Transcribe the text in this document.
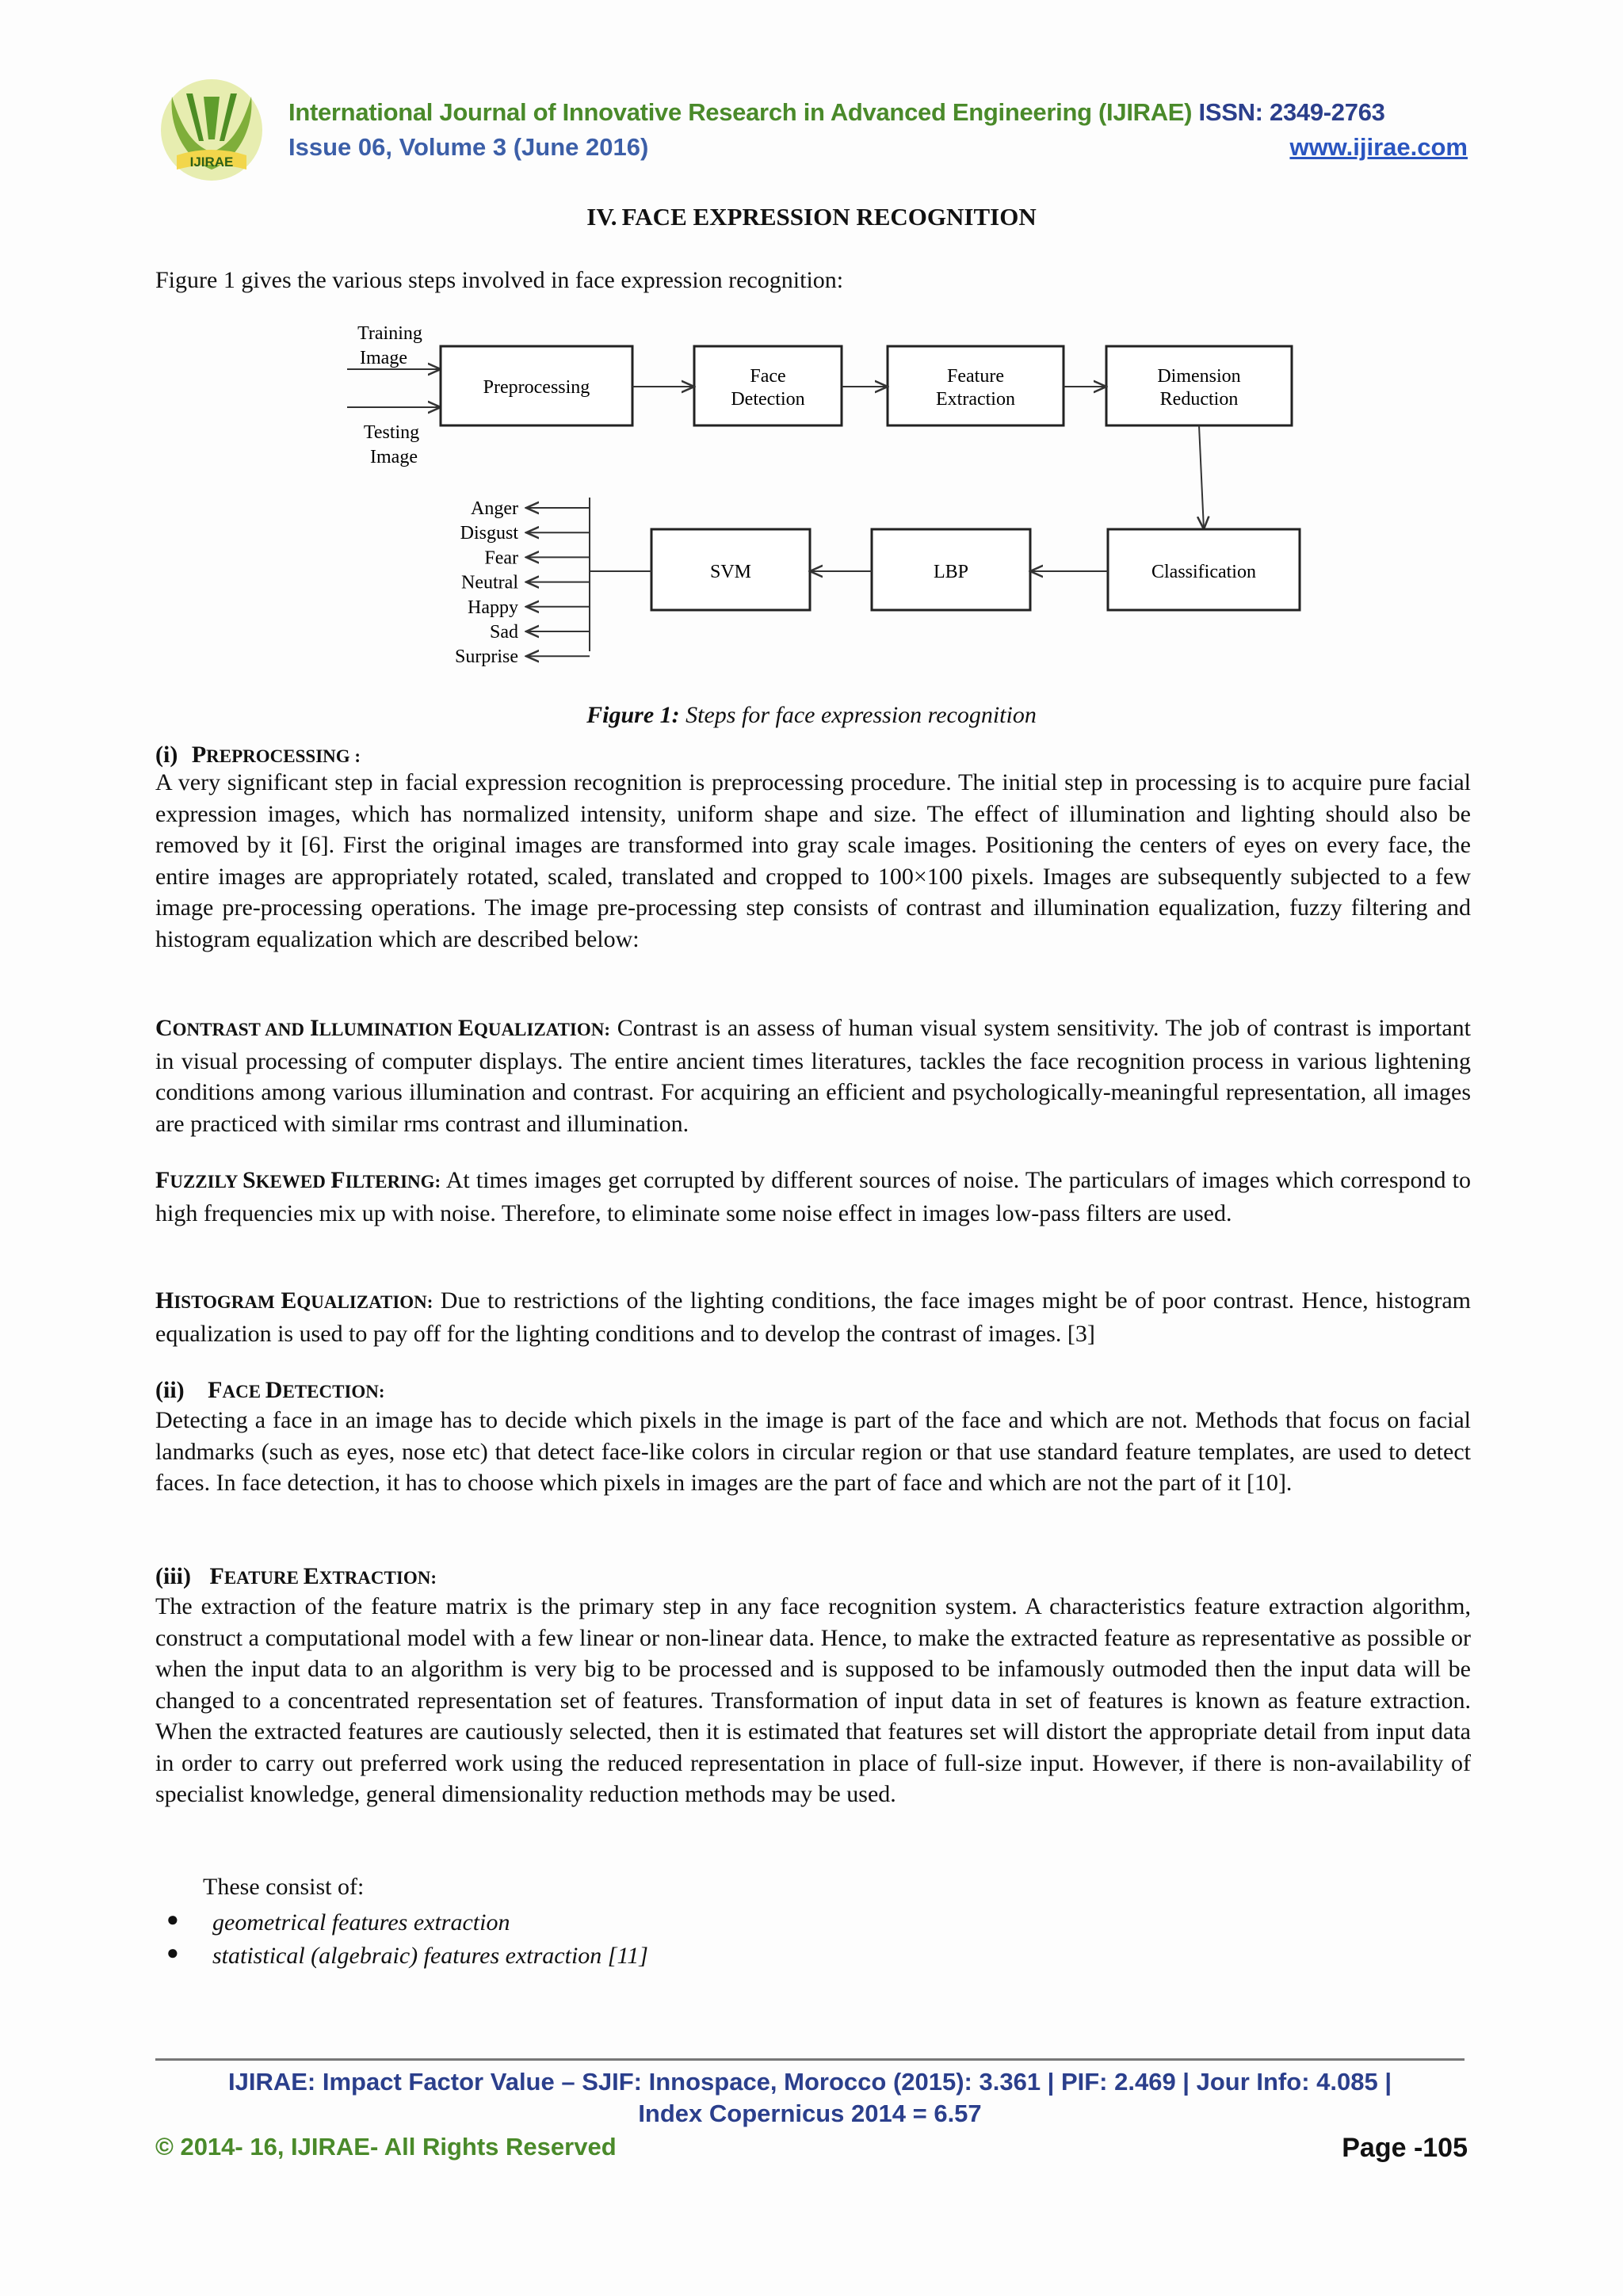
IJIRAE
International Journal of Innovative Research in Advanced Engineering (IJIRAE) ISSN: 2349-2763
Issue 06, Volume 3 (June 2016)	www.ijirae.com
IV. FACE EXPRESSION RECOGNITION
Figure 1 gives the various steps involved in face expression recognition:
Training
Image
Testing
Image
Preprocessing
Face
Detection
Feature
Extraction
Dimension
Reduction
Classification
LBP
SVM
Anger
Disgust
Fear
Neutral
Happy
Sad
Surprise
Figure 1: Steps for face expression recognition
(i) PREPROCESSING :
A very significant step in facial expression recognition is preprocessing procedure. The initial step in processing is to acquire pure facial expression images, which has normalized intensity, uniform shape and size. The effect of illumination and lighting should also be removed by it [6]. First the original images are transformed into gray scale images. Positioning the centers of eyes on every face, the entire images are appropriately rotated, scaled, translated and cropped to 100×100 pixels. Images are subsequently subjected to a few image pre-processing operations. The image pre-processing step consists of contrast and illumination equalization, fuzzy filtering and histogram equalization which are described below:
CONTRAST AND ILLUMINATION EQUALIZATION: Contrast is an assess of human visual system sensitivity. The job of contrast is important in visual processing of computer displays. The entire ancient times literatures, tackles the face recognition process in various lightening conditions among various illumination and contrast. For acquiring an efficient and psychologically-meaningful representation, all images are practiced with similar rms contrast and illumination.
FUZZILY SKEWED FILTERING: At times images get corrupted by different sources of noise. The particulars of images which correspond to high frequencies mix up with noise. Therefore, to eliminate some noise effect in images low-pass filters are used.
HISTOGRAM EQUALIZATION: Due to restrictions of the lighting conditions, the face images might be of poor contrast. Hence, histogram equalization is used to pay off for the lighting conditions and to develop the contrast of images. [3]
(ii) FACE DETECTION:
Detecting a face in an image has to decide which pixels in the image is part of the face and which are not. Methods that focus on facial landmarks (such as eyes, nose etc) that detect face-like colors in circular region or that use standard feature templates, are used to detect faces. In face detection, it has to choose which pixels in images are the part of face and which are not the part of it [10].
(iii) FEATURE EXTRACTION:
The extraction of the feature matrix is the primary step in any face recognition system. A characteristics feature extraction algorithm, construct a computational model with a few linear or non-linear data. Hence, to make the extracted feature as representative as possible or when the input data to an algorithm is very big to be processed and is supposed to be infamously outmoded then the input data will be changed to a concentrated representation set of features. Transformation of input data in set of features is known as feature extraction. When the extracted features are cautiously selected, then it is estimated that features set will distort the appropriate detail from input data in order to carry out preferred work using the reduced representation in place of full-size input. However, if there is non-availability of specialist knowledge, general dimensionality reduction methods may be used.
These consist of:
● geometrical features extraction
● statistical (algebraic) features extraction [11]
IJIRAE: Impact Factor Value – SJIF: Innospace, Morocco (2015): 3.361 | PIF: 2.469 | Jour Info: 4.085 |
Index Copernicus 2014 = 6.57
© 2014- 16, IJIRAE- All Rights Reserved	Page -105
